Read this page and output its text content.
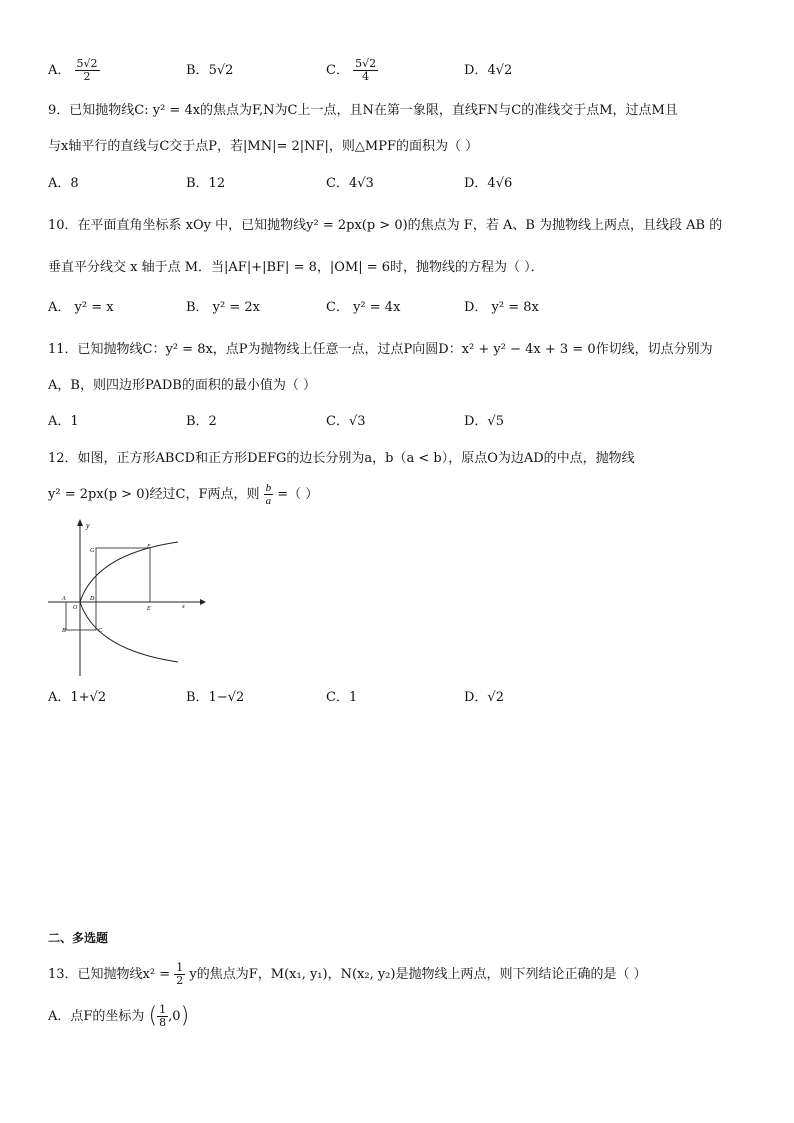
A． $\frac{5√2}{2}$	B．5√2	C． $\frac{5√2}{4}$	D．4√2
9．已知抛物线C: y² = 4x的焦点为F,N为C上一点，且N在第一象限，直线FN与C的准线交于点M，过点M且
与x轴平行的直线与C交于点P，若|MN|= 2|NF|，则△MPF的面积为（ ）
A．8	B．12	C．4√3	D．4√6
10．在平面直角坐标系 xOy 中，已知抛物线y² = 2px(p > 0)的焦点为 F，若 A、B 为抛物线上两点，且线段 AB 的
垂直平分线交 x 轴于点 M．当|AF|+|BF| = 8，|OM| = 6时，抛物线的方程为（ ）．
A． y² = x	B． y² = 2x	C． y² = 4x	D． y² = 8x
11．已知抛物线C：y² = 8x，点P为抛物线上任意一点，过点P向圆D：x² + y² − 4x + 3 = 0作切线，切点分别为
A，B，则四边形PADB的面积的最小值为（ ）
A．1	B．2	C．√3	D．√5
12．如图，正方形ABCD和正方形DEFG的边长分别为a，b（a < b），原点O为边AD的中点，抛物线
y² = 2px(p > 0)经过C，F两点，则 $\frac{b}{a}$ =（ ）
y
G
F
A
O
D
E	x
B	C
A．1+√2	B．1−√2	C．1	D．√2
二、多选题
13．已知抛物线$x^2 = \frac{1}{2}$ y的焦点为F，M(x₁, y₁)，N(x₂, y₂)是抛物线上两点，则下列结论正确的是（ ）
A．点F的坐标为 ( $\frac{1}{8} ,0$)
